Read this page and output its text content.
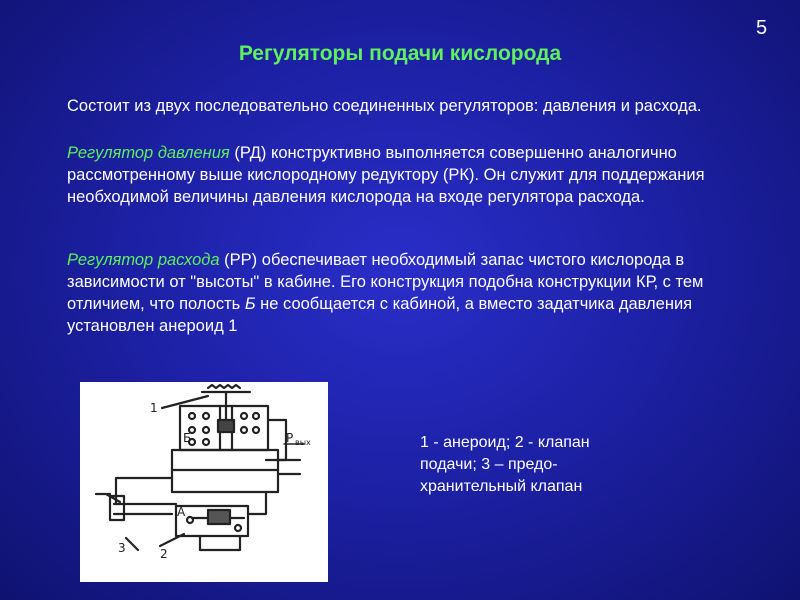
5
Регуляторы подачи кислорода
Состоит из двух последовательно соединенных регуляторов: давления и расхода.
Регулятор давления (РД) конструктивно выполняется совершенно аналогично рассмотренному выше кислородному редуктору (РК). Он служит для поддержания необходимой величины давления кислорода на входе регулятора расхода.
Регулятор расхода (РР) обеспечивает необходимый запас чистого кислорода в зависимости от "высоты" в кабине. Его конструкция подобна конструкции КР, с тем отличием, что полость Б не сообщается с кабиной, а вместо задатчика давления установлен анероид 1
1
Б
А
2
3
Р вых	1 - анероид; 2 - клапан подачи; 3 – предо-хранительный клапан
